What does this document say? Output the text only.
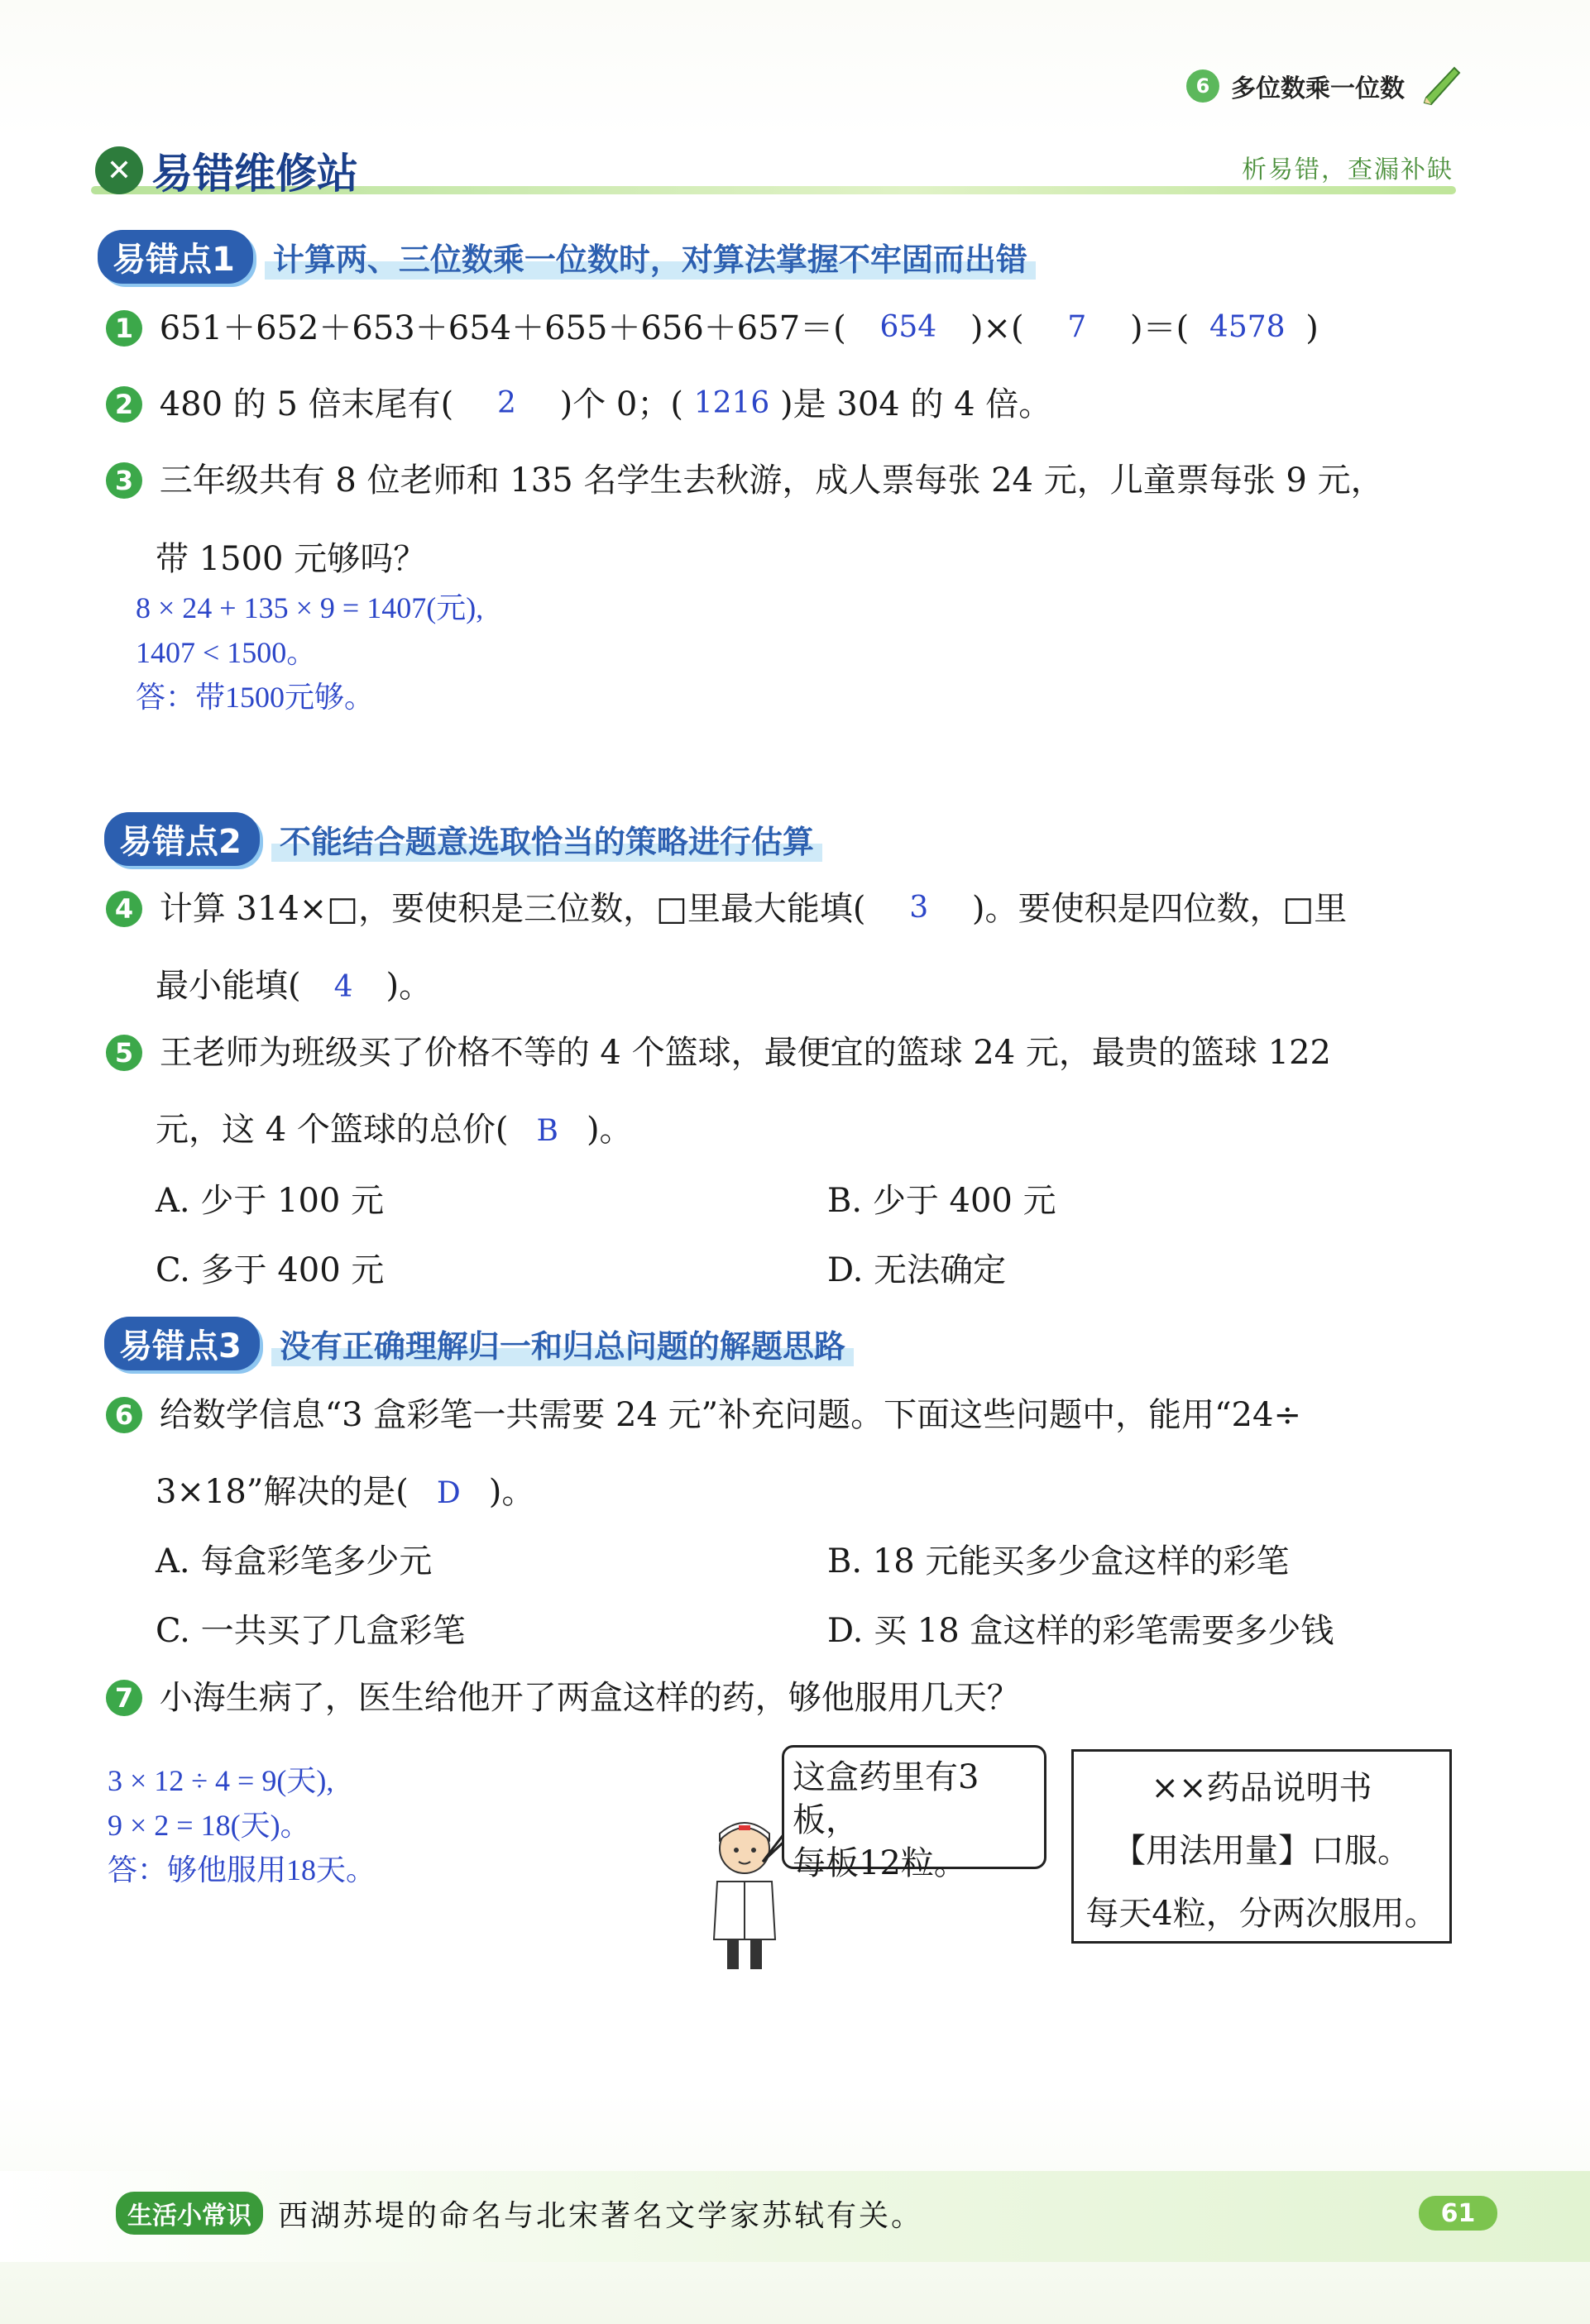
6 多位数乘一位数
✕ 易错维修站	析易错，查漏补缺
易错点1	计算两、三位数乘一位数时，对算法掌握不牢固而出错
1 651＋652＋653＋654＋655＋656＋657＝( 654 )×( 7 )＝( 4578 )
2 480 的 5 倍末尾有( 2 )个 0；( 1216 )是 304 的 4 倍。
3 三年级共有 8 位老师和 135 名学生去秋游，成人票每张 24 元，儿童票每张 9 元，
带 1500 元够吗？
8 × 24 + 135 × 9 = 1407(元),
1407 < 1500。
答：带1500元够。
易错点2	不能结合题意选取恰当的策略进行估算
4 计算 314×□，要使积是三位数，□里最大能填( 3 )。要使积是四位数，□里
最小能填( 4 )。
5 王老师为班级买了价格不等的 4 个篮球，最便宜的篮球 24 元，最贵的篮球 122
元，这 4 个篮球的总价( B )。
A. 少于 100 元	B. 少于 400 元
C. 多于 400 元	D. 无法确定
易错点3	没有正确理解归一和归总问题的解题思路
6 给数学信息“3 盒彩笔一共需要 24 元”补充问题。下面这些问题中，能用“24÷
3×18”解决的是( D )。
A. 每盒彩笔多少元	B. 18 元能买多少盒这样的彩笔
C. 一共买了几盒彩笔	D. 买 18 盒这样的彩笔需要多少钱
7 小海生病了，医生给他开了两盒这样的药，够他服用几天？
3 × 12 ÷ 4 = 9(天),
9 × 2 = 18(天)。
答：够他服用18天。
这盒药里有3板，
每板12粒。
××药品说明书
【用法用量】口服。
每天4粒，分两次服用。
生活小常识 西湖苏堤的命名与北宋著名文学家苏轼有关。	61
